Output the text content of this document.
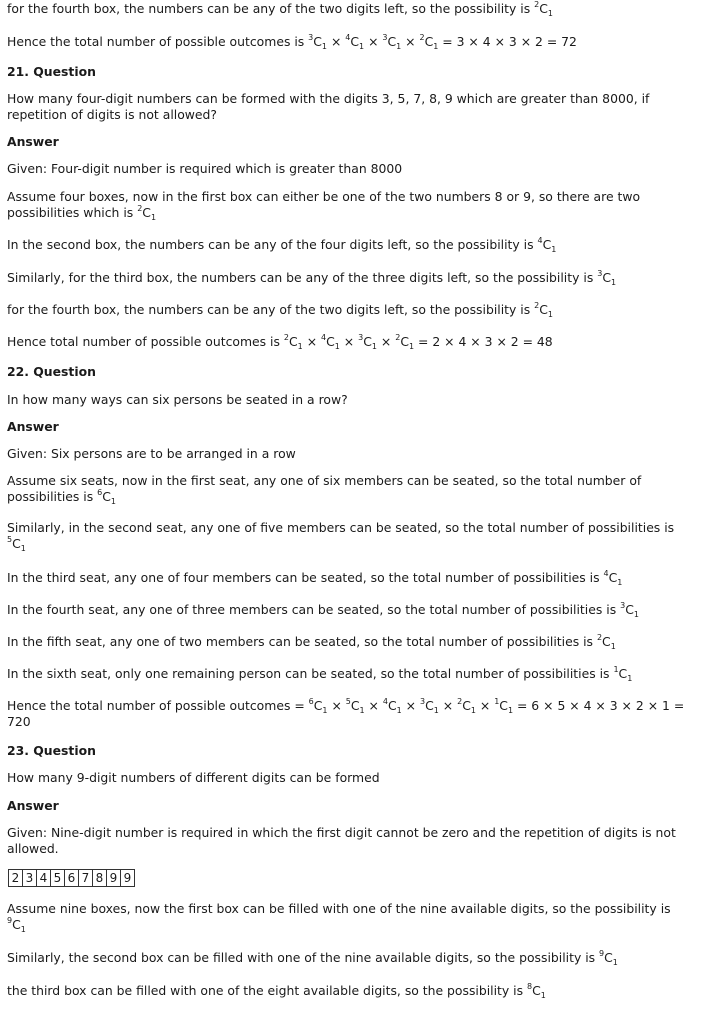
for the fourth box, the numbers can be any of the two digits left, so the possibility is $^2C_1$
Hence the total number of possible outcomes is $^3C_1 \times ^4C_1 \times ^3C_1 \times ^2C_1 = 3 \times 4 \times 3 \times 2 = 72$
21. Question
How many four-digit numbers can be formed with the digits 3, 5, 7, 8, 9 which are greater than 8000, if repetition of digits is not allowed?
Answer
Given: Four-digit number is required which is greater than 8000
Assume four boxes, now in the first box can either be one of the two numbers 8 or 9, so there are two possibilities which is $^2C_1$
In the second box, the numbers can be any of the four digits left, so the possibility is $^4C_1$
Similarly, for the third box, the numbers can be any of the three digits left, so the possibility is $^3C_1$
for the fourth box, the numbers can be any of the two digits left, so the possibility is $^2C_1$
Hence total number of possible outcomes is $^2C_1 \times ^4C_1 \times ^3C_1 \times ^2C_1 = 2 \times 4 \times 3 \times 2 = 48$
22. Question
In how many ways can six persons be seated in a row?
Answer
Given: Six persons are to be arranged in a row
Assume six seats, now in the first seat, any one of six members can be seated, so the total number of possibilities is $^6C_1$
Similarly, in the second seat, any one of five members can be seated, so the total number of possibilities is $^5C_1$
In the third seat, any one of four members can be seated, so the total number of possibilities is $^4C_1$
In the fourth seat, any one of three members can be seated, so the total number of possibilities is $^3C_1$
In the fifth seat, any one of two members can be seated, so the total number of possibilities is $^2C_1$
In the sixth seat, only one remaining person can be seated, so the total number of possibilities is $^1C_1$
Hence the total number of possible outcomes = $^6C_1 \times ^5C_1 \times ^4C_1 \times ^3C_1 \times ^2C_1 \times ^1C_1 = 6 \times 5 \times 4 \times 3 \times 2 \times 1 = 720$
23. Question
How many 9-digit numbers of different digits can be formed
Answer
Given: Nine-digit number is required in which the first digit cannot be zero and the repetition of digits is not allowed.
2 3 4 5 6 7 8 9 9
Assume nine boxes, now the first box can be filled with one of the nine available digits, so the possibility is $^9C_1$
Similarly, the second box can be filled with one of the nine available digits, so the possibility is $^9C_1$
the third box can be filled with one of the eight available digits, so the possibility is $^8C_1$
